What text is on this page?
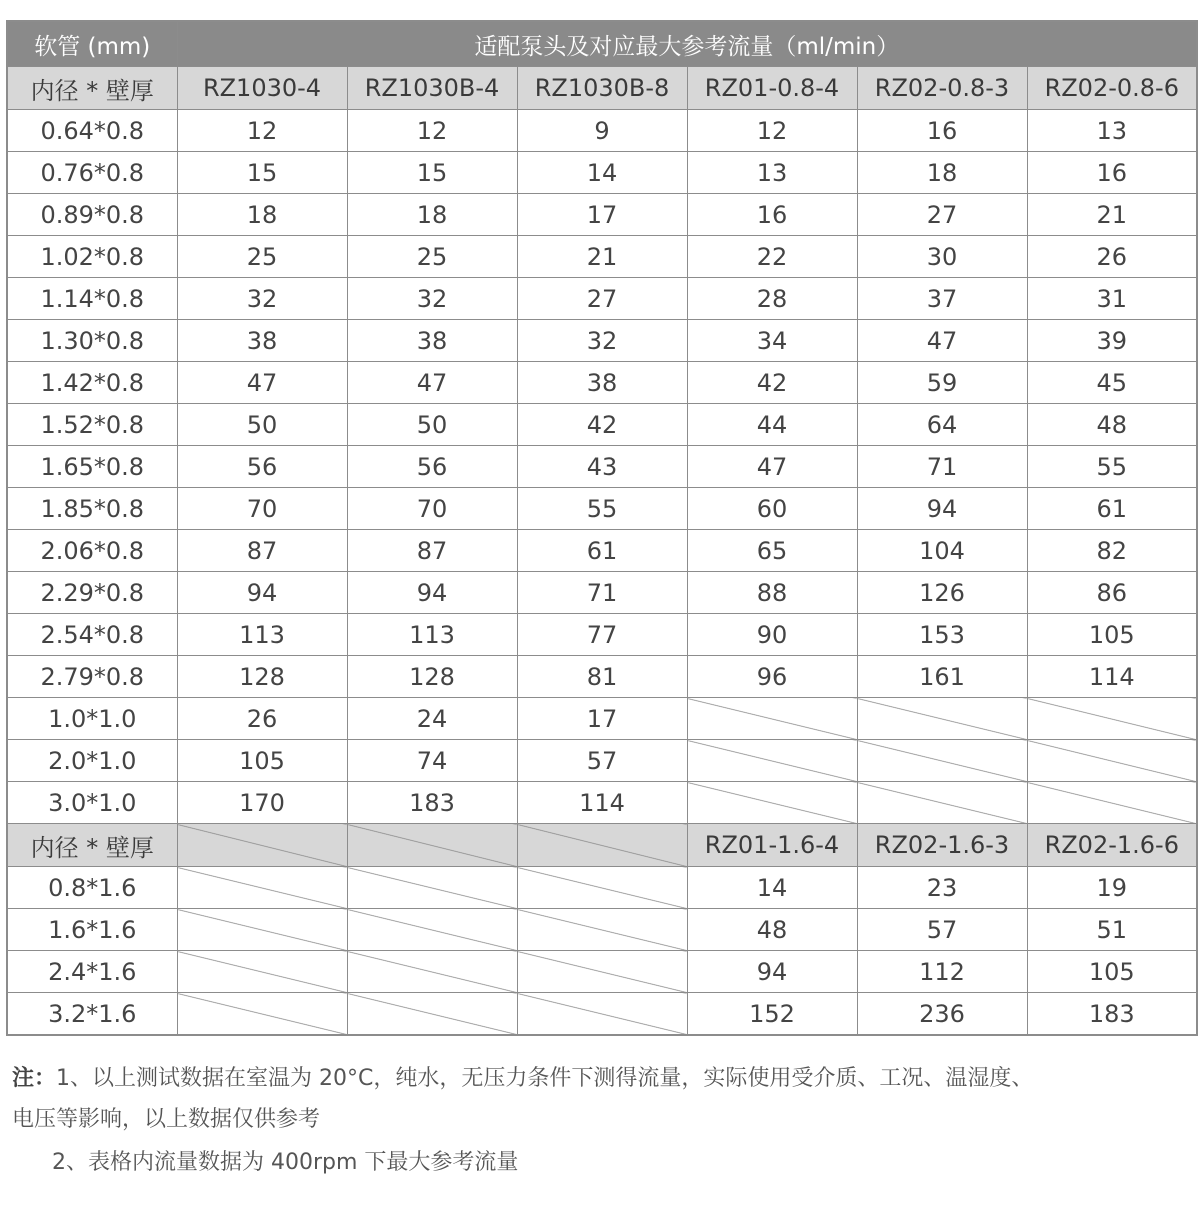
软管 (mm)	适配泵头及对应最大参考流量（ml/min）					
内径 * 壁厚	RZ1030-4	RZ1030B-4	RZ1030B-8	RZ01-0.8-4	RZ02-0.8-3	RZ02-0.8-6
0.64*0.8	12	12	9	12	16	13
0.76*0.8	15	15	14	13	18	16
0.89*0.8	18	18	17	16	27	21
1.02*0.8	25	25	21	22	30	26
1.14*0.8	32	32	27	28	37	31
1.30*0.8	38	38	32	34	47	39
1.42*0.8	47	47	38	42	59	45
1.52*0.8	50	50	42	44	64	48
1.65*0.8	56	56	43	47	71	55
1.85*0.8	70	70	55	60	94	61
2.06*0.8	87	87	61	65	104	82
2.29*0.8	94	94	71	88	126	86
2.54*0.8	113	113	77	90	153	105
2.79*0.8	128	128	81	96	161	114
1.0*1.0	26	24	17			
2.0*1.0	105	74	57			
3.0*1.0	170	183	114			
内径 * 壁厚				RZ01-1.6-4	RZ02-1.6-3	RZ02-1.6-6
0.8*1.6				14	23	19
1.6*1.6				48	57	51
2.4*1.6				94	112	105
3.2*1.6				152	236	183
注：1、以上测试数据在室温为 20°C，纯水，无压力条件下测得流量，实际使用受介质、工况、温湿度、
电压等影响，以上数据仅供参考
2、表格内流量数据为 400rpm 下最大参考流量
